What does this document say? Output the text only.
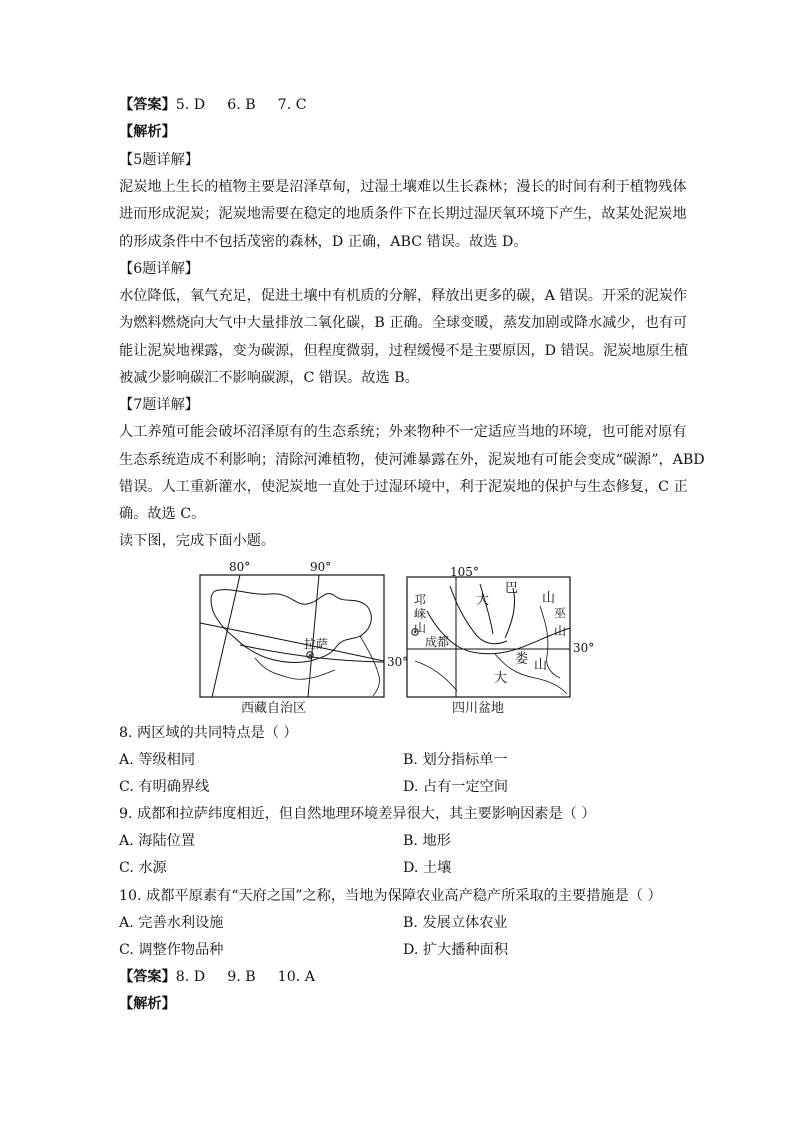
【答案】5. D 6. B 7. C
【解析】
【5题详解】
泥炭地上生长的植物主要是沼泽草甸，过湿土壤难以生长森林；漫长的时间有利于植物残体
进而形成泥炭；泥炭地需要在稳定的地质条件下在长期过湿厌氧环境下产生，故某处泥炭地
的形成条件中不包括茂密的森林，D 正确，ABC 错误。故选 D。
【6题详解】
水位降低，氧气充足，促进土壤中有机质的分解，释放出更多的碳，A 错误。开采的泥炭作
为燃料燃烧向大气中大量排放二氧化碳，B 正确。全球变暖，蒸发加剧或降水减少，也有可
能让泥炭地裸露，变为碳源，但程度微弱，过程缓慢不是主要原因，D 错误。泥炭地原生植
被减少影响碳汇不影响碳源，C 错误。故选 B。
【7题详解】
人工养殖可能会破坏沼泽原有的生态系统；外来物种不一定适应当地的环境，也可能对原有
生态系统造成不利影响；清除河滩植物，使河滩暴露在外，泥炭地有可能会变成“碳源”，ABD
错误。人工重新灌水，使泥炭地一直处于过湿环境中，利于泥炭地的保护与生态修复，C 正
确。故选 C。
读下图，完成下面小题。
80°	90°
拉萨
30°
西藏自治区
105°
30°
成都
邛
崃
山
大
巴
山
巫
山
山
娄
大
四川盆地
8. 两区域的共同特点是（ ）
A. 等级相同	B. 划分指标单一
C. 有明确界线	D. 占有一定空间
9. 成都和拉萨纬度相近，但自然地理环境差异很大，其主要影响因素是（ ）
A. 海陆位置	B. 地形
C. 水源	D. 土壤
10. 成都平原素有“天府之国”之称，当地为保障农业高产稳产所采取的主要措施是（ ）
A. 完善水利设施	B. 发展立体农业
C. 调整作物品种	D. 扩大播种面积
【答案】8. D 9. B 10. A
【解析】
